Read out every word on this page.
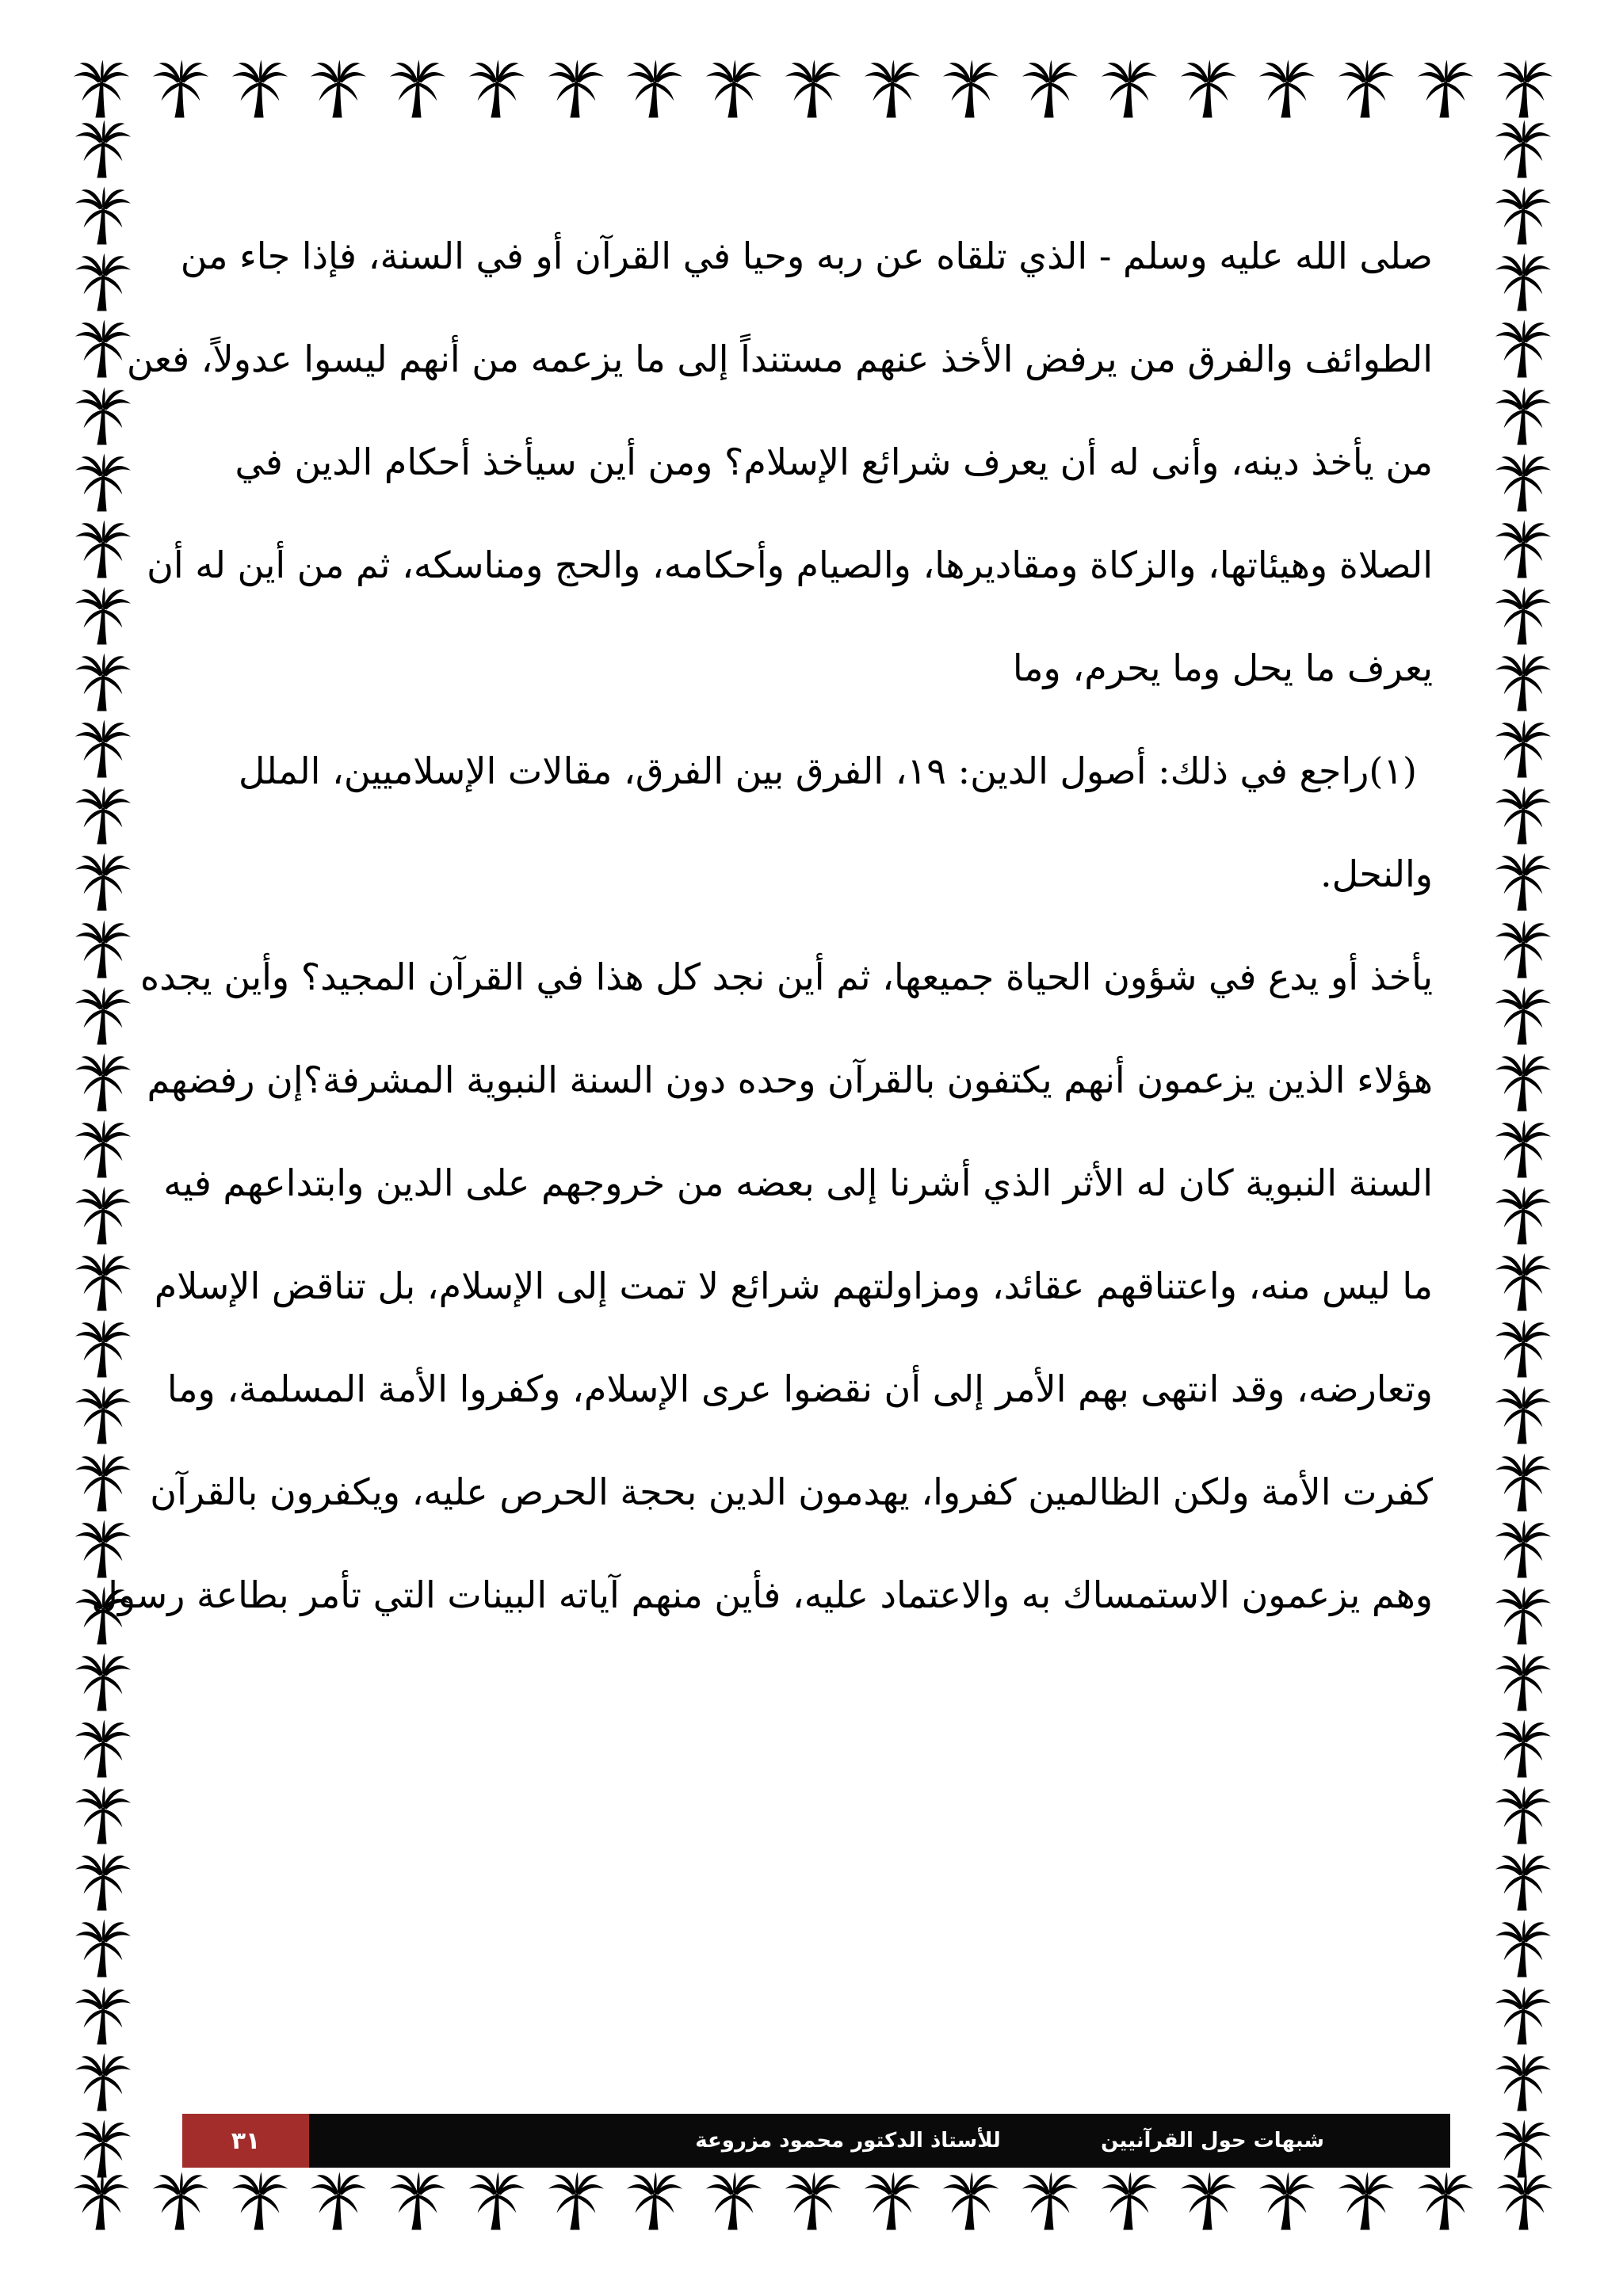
صلى الله عليه وسلم - الذي تلقاه عن ربه وحيا في القرآن أو في السنة، فإذا جاء من
الطوائف والفرق من يرفض الأخذ عنهم مستنداً إلى ما يزعمه من أنهم ليسوا عدولاً، فعن
من يأخذ دينه، وأنى له أن يعرف شرائع الإسلام؟ ومن أين سيأخذ أحكام الدين في
الصلاة وهيئاتها، والزكاة ومقاديرها، والصيام وأحكامه، والحج ومناسكه، ثم من أين له أن
يعرف ما يحل وما يحرم، وما
(١)راجع في ذلك: أصول الدين: ١٩، الفرق بين الفرق، مقالات الإسلاميين، الملل
والنحل.
يأخذ أو يدع في شؤون الحياة جميعها، ثم أين نجد كل هذا في القرآن المجيد؟ وأين يجده
هؤلاء الذين يزعمون أنهم يكتفون بالقرآن وحده دون السنة النبوية المشرفة؟إن رفضهم
السنة النبوية كان له الأثر الذي أشرنا إلى بعضه من خروجهم على الدين وابتداعهم فيه
ما ليس منه، واعتناقهم عقائد، ومزاولتهم شرائع لا تمت إلى الإسلام، بل تناقض الإسلام
وتعارضه، وقد انتهى بهم الأمر إلى أن نقضوا عرى الإسلام، وكفروا الأمة المسلمة، وما
كفرت الأمة ولكن الظالمين كفروا، يهدمون الدين بحجة الحرص عليه، ويكفرون بالقرآن
وهم يزعمون الاستمساك به والاعتماد عليه، فأين منهم آياته البينات التي تأمر بطاعة رسول
٣١	للأستاذ الدكتور محمود مزروعة	شبهات حول القرآنيين
